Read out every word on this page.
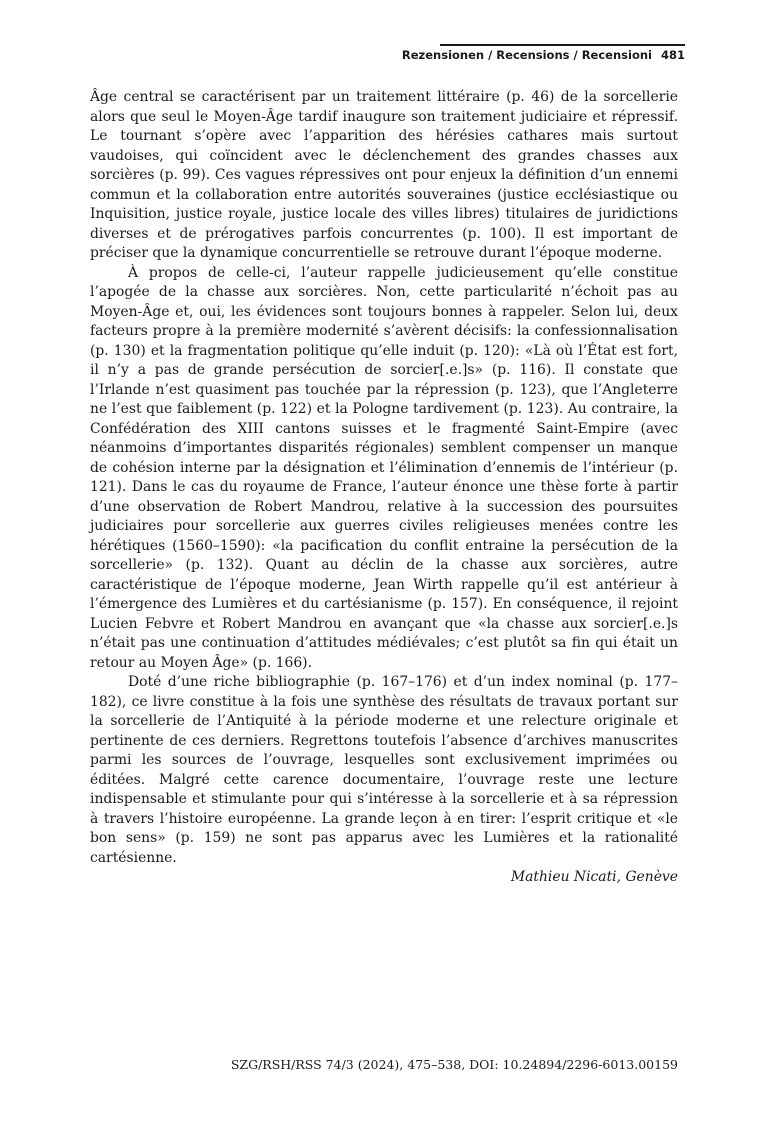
Rezensionen / Recensions / Recensioni 481

Âge central se caractérisent par un traitement littéraire (p. 46) de la sorcellerie alors que seul le Moyen-Âge tardif inaugure son traitement judiciaire et répressif. Le tournant s’opère avec l’apparition des hérésies cathares mais surtout vaudoises, qui coïncident avec le déclenchement des grandes chasses aux sorcières (p. 99). Ces vagues répressives ont pour enjeux la définition d’un ennemi commun et la collaboration entre autorités souveraines (justice ecclésiastique ou Inquisition, justice royale, justice locale des villes libres) titulaires de juridictions diverses et de prérogatives parfois concurrentes (p. 100). Il est important de préciser que la dynamique concurrentielle se retrouve durant l’époque moderne.

À propos de celle-ci, l’auteur rappelle judicieusement qu’elle constitue l’apogée de la chasse aux sorcières. Non, cette particularité n’échoit pas au Moyen-Âge et, oui, les évidences sont toujours bonnes à rappeler. Selon lui, deux facteurs propre à la première modernité s’avèrent décisifs: la confessionnalisation (p. 130) et la fragmentation politique qu’elle induit (p. 120): «Là où l’État est fort, il n’y a pas de grande persécution de sorcier[.e.]s» (p. 116). Il constate que l’Irlande n’est quasiment pas touchée par la répression (p. 123), que l’Angleterre ne l’est que faiblement (p. 122) et la Pologne tardivement (p. 123). Au contraire, la Confédération des XIII cantons suisses et le fragmenté Saint-Empire (avec néanmoins d’importantes disparités régionales) semblent compenser un manque de cohésion interne par la désignation et l’élimination d’ennemis de l’intérieur (p. 121). Dans le cas du royaume de France, l’auteur énonce une thèse forte à partir d’une observation de Robert Mandrou, relative à la succession des poursuites judiciaires pour sorcellerie aux guerres civiles religieuses menées contre les hérétiques (1560–1590): «la pacification du conflit entraine la persécution de la sorcellerie» (p. 132). Quant au déclin de la chasse aux sorcières, autre caractéristique de l’époque moderne, Jean Wirth rappelle qu’il est antérieur à l’émergence des Lumières et du cartésianisme (p. 157). En conséquence, il rejoint Lucien Febvre et Robert Mandrou en avançant que «la chasse aux sorcier[.e.]s n’était pas une continuation d’attitudes médiévales; c’est plutôt sa fin qui était un retour au Moyen Âge» (p. 166).

Doté d’une riche bibliographie (p. 167–176) et d’un index nominal (p. 177–182), ce livre constitue à la fois une synthèse des résultats de travaux portant sur la sorcellerie de l’Antiquité à la période moderne et une relecture originale et pertinente de ces derniers. Regrettons toutefois l’absence d’archives manuscrites parmi les sources de l’ouvrage, lesquelles sont exclusivement imprimées ou éditées. Malgré cette carence documentaire, l’ouvrage reste une lecture indispensable et stimulante pour qui s’intéresse à la sorcellerie et à sa répression à travers l’histoire européenne. La grande leçon à en tirer: l’esprit critique et «le bon sens» (p. 159) ne sont pas apparus avec les Lumières et la rationalité cartésienne.

Mathieu Nicati, Genève

SZG/RSH/RSS 74/3 (2024), 475–538, DOI: 10.24894/2296-6013.00159
